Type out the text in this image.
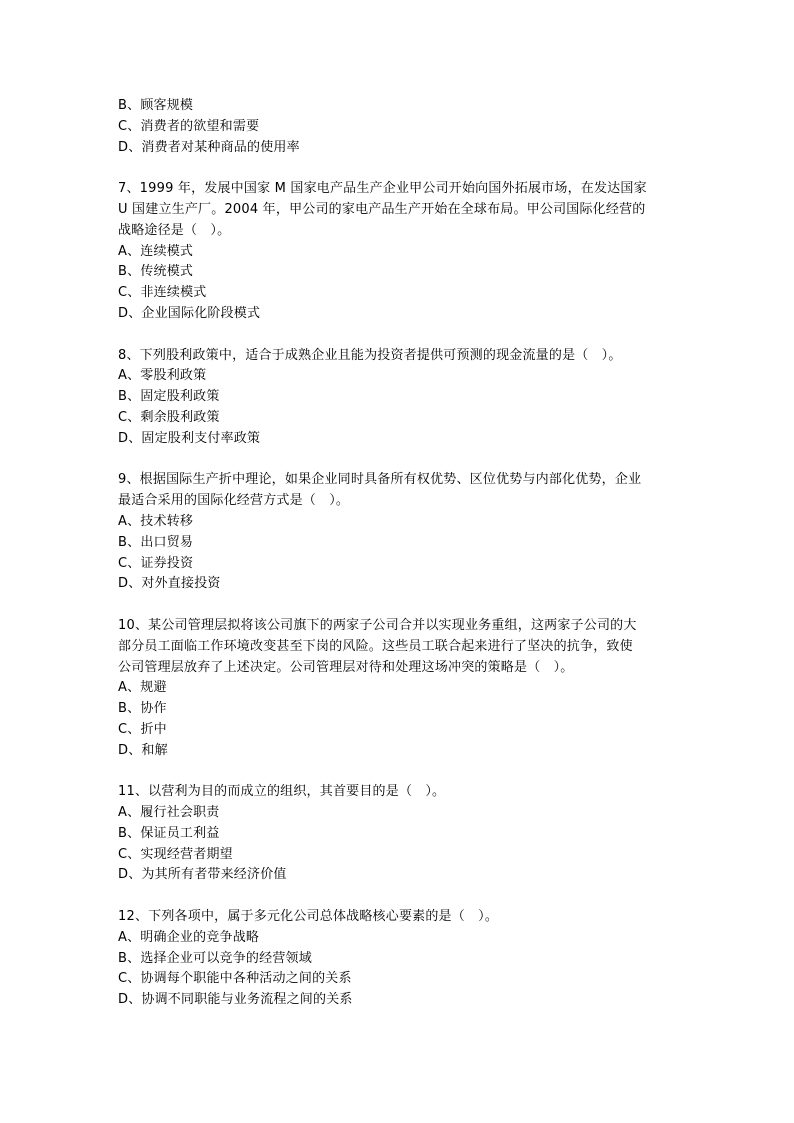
B、顾客规模
C、消费者的欲望和需要
D、消费者对某种商品的使用率
7、1999 年，发展中国家 M 国家电产品生产企业甲公司开始向国外拓展市场，在发达国家
U 国建立生产厂。2004 年，甲公司的家电产品生产开始在全球布局。甲公司国际化经营的
战略途径是（　）。
A、连续模式
B、传统模式
C、非连续模式
D、企业国际化阶段模式
8、下列股利政策中，适合于成熟企业且能为投资者提供可预测的现金流量的是（　）。
A、零股利政策
B、固定股利政策
C、剩余股利政策
D、固定股利支付率政策
9、根据国际生产折中理论，如果企业同时具备所有权优势、区位优势与内部化优势，企业
最适合采用的国际化经营方式是（　）。
A、技术转移
B、出口贸易
C、证券投资
D、对外直接投资
10、某公司管理层拟将该公司旗下的两家子公司合并以实现业务重组，这两家子公司的大
部分员工面临工作环境改变甚至下岗的风险。这些员工联合起来进行了坚决的抗争，致使
公司管理层放弃了上述决定。公司管理层对待和处理这场冲突的策略是（　）。
A、规避
B、协作
C、折中
D、和解
11、以营利为目的而成立的组织，其首要目的是（　）。
A、履行社会职责
B、保证员工利益
C、实现经营者期望
D、为其所有者带来经济价值
12、下列各项中，属于多元化公司总体战略核心要素的是（　）。
A、明确企业的竞争战略
B、选择企业可以竞争的经营领域
C、协调每个职能中各种活动之间的关系
D、协调不同职能与业务流程之间的关系
